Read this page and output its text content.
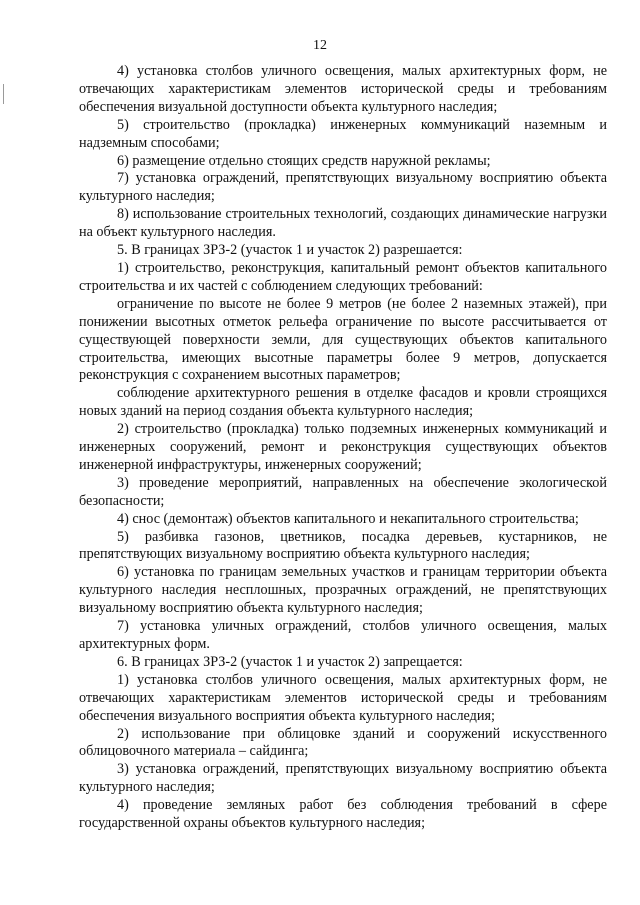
12

4) установка столбов уличного освещения, малых архитектурных форм, не отвечающих характеристикам элементов исторической среды и требованиям обеспечения визуальной доступности объекта культурного наследия;

5) строительство (прокладка) инженерных коммуникаций наземным и надземным способами;

6) размещение отдельно стоящих средств наружной рекламы;

7) установка ограждений, препятствующих визуальному восприятию объекта культурного наследия;

8) использование строительных технологий, создающих динамические нагрузки на объект культурного наследия.

5. В границах ЗРЗ-2 (участок 1 и участок 2) разрешается:

1) строительство, реконструкция, капитальный ремонт объектов капитального строительства и их частей с соблюдением следующих требований:

ограничение по высоте не более 9 метров (не более 2 наземных этажей), при понижении высотных отметок рельефа ограничение по высоте рассчитывается от существующей поверхности земли, для существующих объектов капитального строительства, имеющих высотные параметры более 9 метров, допускается реконструкция с сохранением высотных параметров;

соблюдение архитектурного решения в отделке фасадов и кровли строящихся новых зданий на период создания объекта культурного наследия;

2) строительство (прокладка) только подземных инженерных коммуникаций и инженерных сооружений, ремонт и реконструкция существующих объектов инженерной инфраструктуры, инженерных сооружений;

3) проведение мероприятий, направленных на обеспечение экологической безопасности;

4) снос (демонтаж) объектов капитального и некапитального строительства;

5) разбивка газонов, цветников, посадка деревьев, кустарников, не препятствующих визуальному восприятию объекта культурного наследия;

6) установка по границам земельных участков и границам территории объекта культурного наследия несплошных, прозрачных ограждений, не препятствующих визуальному восприятию объекта культурного наследия;

7) установка уличных ограждений, столбов уличного освещения, малых архитектурных форм.

6. В границах ЗРЗ-2 (участок 1 и участок 2) запрещается:

1) установка столбов уличного освещения, малых архитектурных форм, не отвечающих характеристикам элементов исторической среды и требованиям обеспечения визуального восприятия объекта культурного наследия;

2) использование при облицовке зданий и сооружений искусственного облицовочного материала – сайдинга;

3) установка ограждений, препятствующих визуальному восприятию объекта культурного наследия;

4) проведение земляных работ без соблюдения требований в сфере государственной охраны объектов культурного наследия;
